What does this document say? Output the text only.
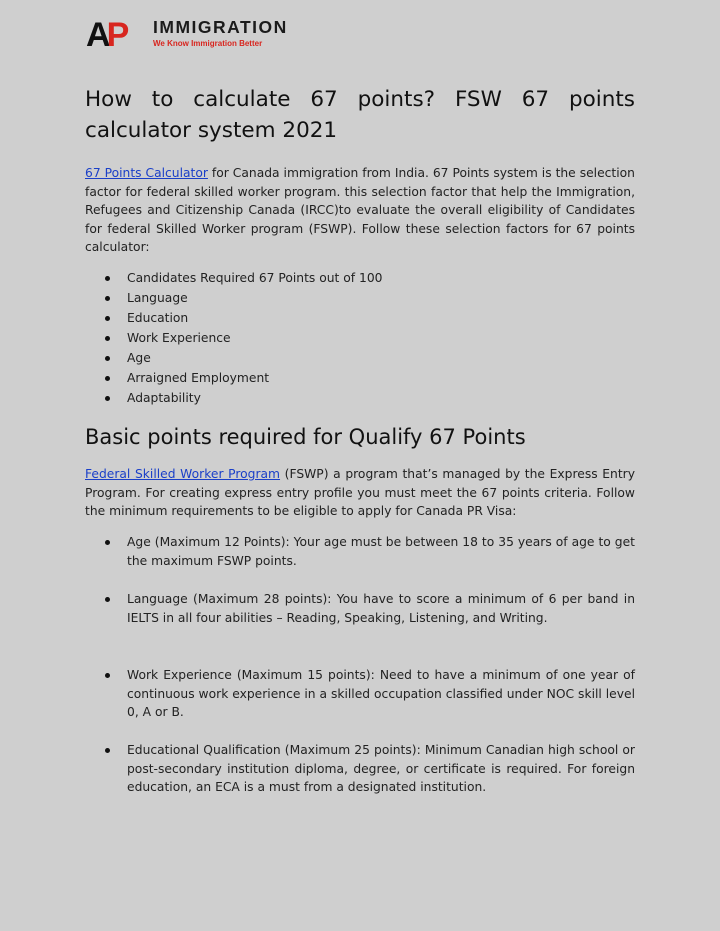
AP IMMIGRATION
We Know Immigration Better
How to calculate 67 points? FSW 67 points calculator system 2021

67 Points Calculator for Canada immigration from India. 67 Points system is the selection factor for federal skilled worker program. this selection factor that help the Immigration, Refugees and Citizenship Canada (IRCC)to evaluate the overall eligibility of Candidates for federal Skilled Worker program (FSWP). Follow these selection factors for 67 points calculator:

Candidates Required 67 Points out of 100
Language
Education
Work Experience
Age
Arraigned Employment
Adaptability
Basic points required for Qualify 67 Points

Federal Skilled Worker Program (FSWP) a program that’s managed by the Express Entry Program. For creating express entry profile you must meet the 67 points criteria. Follow the minimum requirements to be eligible to apply for Canada PR Visa:

Age (Maximum 12 Points): Your age must be between 18 to 35 years of age to get the maximum FSWP points.
Language (Maximum 28 points): You have to score a minimum of 6 per band in IELTS in all four abilities – Reading, Speaking, Listening, and Writing.
Work Experience (Maximum 15 points): Need to have a minimum of one year of continuous work experience in a skilled occupation classified under NOC skill level 0, A or B.
Educational Qualification (Maximum 25 points): Minimum Canadian high school or post-secondary institution diploma, degree, or certificate is required. For foreign education, an ECA is a must from a designated institution.
